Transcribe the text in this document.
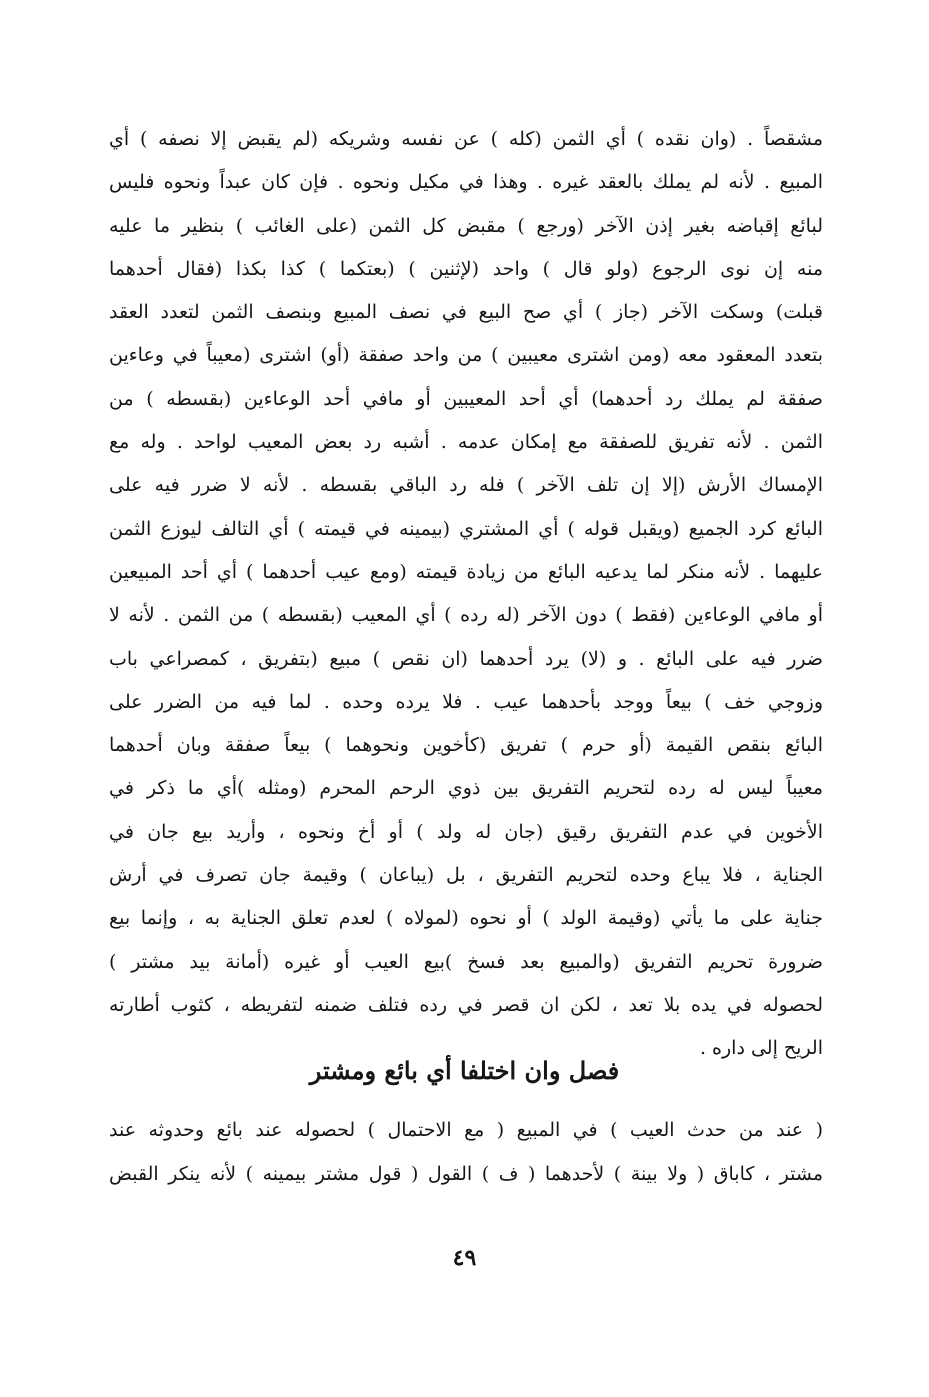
مشقصاً . (وان نقده ) أي الثمن (كله ) عن نفسه وشريكه (لم يقبض إلا نصفه ) أي
المبيع . لأنه لم يملك بالعقد غيره . وهذا في مكيل ونحوه . فإن كان عبداً ونحوه فليس
لبائع إقباضه بغير إذن الآخر (ورجع ) مقبض كل الثمن (على الغائب ) بنظير ما عليه
منه إن نوى الرجوع (ولو قال ) واحد (لإثنين ) (بعتكما ) كذا بكذا (فقال أحدهما
قبلت) وسكت الآخر (جاز ) أي صح البيع في نصف المبيع وبنصف الثمن لتعدد العقد
بتعدد المعقود معه (ومن اشترى معيبين ) من واحد صفقة (أو) اشترى (معيباً في وعاءين
صفقة لم يملك رد أحدهما) أي أحد المعيبين أو مافي أحد الوعاءين (بقسطه ) من
الثمن . لأنه تفريق للصفقة مع إمكان عدمه . أشبه رد بعض المعيب لواحد . وله مع
الإمساك الأرش (إلا إن تلف الآخر ) فله رد الباقي بقسطه . لأنه لا ضرر فيه على
البائع كرد الجميع (ويقبل قوله ) أي المشتري (بيمينه في قيمته ) أي التالف ليوزع الثمن
عليهما . لأنه منكر لما يدعيه البائع من زيادة قيمته (ومع عيب أحدهما ) أي أحد المبيعين
أو مافي الوعاءين (فقط ) دون الآخر (له رده ) أي المعيب (بقسطه ) من الثمن . لأنه لا
ضرر فيه على البائع . و (لا) يرد أحدهما (ان نقص ) مبيع (بتفريق ، كمصراعي باب
وزوجي خف ) بيعاً ووجد بأحدهما عيب . فلا يرده وحده . لما فيه من الضرر على
البائع بنقص القيمة (أو حرم ) تفريق (كأخوين ونحوهما ) بيعاً صفقة وبان أحدهما
معيباً ليس له رده لتحريم التفريق بين ذوي الرحم المحرم (ومثله )أي ما ذكر في
الأخوين في عدم التفريق رقيق (جان له ولد ) أو أخ ونحوه ، وأريد بيع جان في
الجناية ، فلا يباع وحده لتحريم التفريق ، بل (يباعان ) وقيمة جان تصرف في أرش
جناية على ما يأتي (وقيمة الولد ) أو نحوه (لمولاه ) لعدم تعلق الجناية به ، وإنما بيع
ضرورة تحريم التفريق (والمبيع بعد فسخ )بيع العيب أو غيره (أمانة بيد مشتر )
لحصوله في يده بلا تعد ، لكن ان قصر في رده فتلف ضمنه لتفريطه ، كثوب أطارته
الريح إلى داره .
فصل وان اختلفا أي بائع ومشتر
( عند من حدث العيب ) في المبيع ( مع الاحتمال ) لحصوله عند بائع وحدوثه عند
مشتر ، كاباق ( ولا بينة ) لأحدهما ( ف ) القول ( قول مشتر بيمينه ) لأنه ينكر القبض
٤٩
